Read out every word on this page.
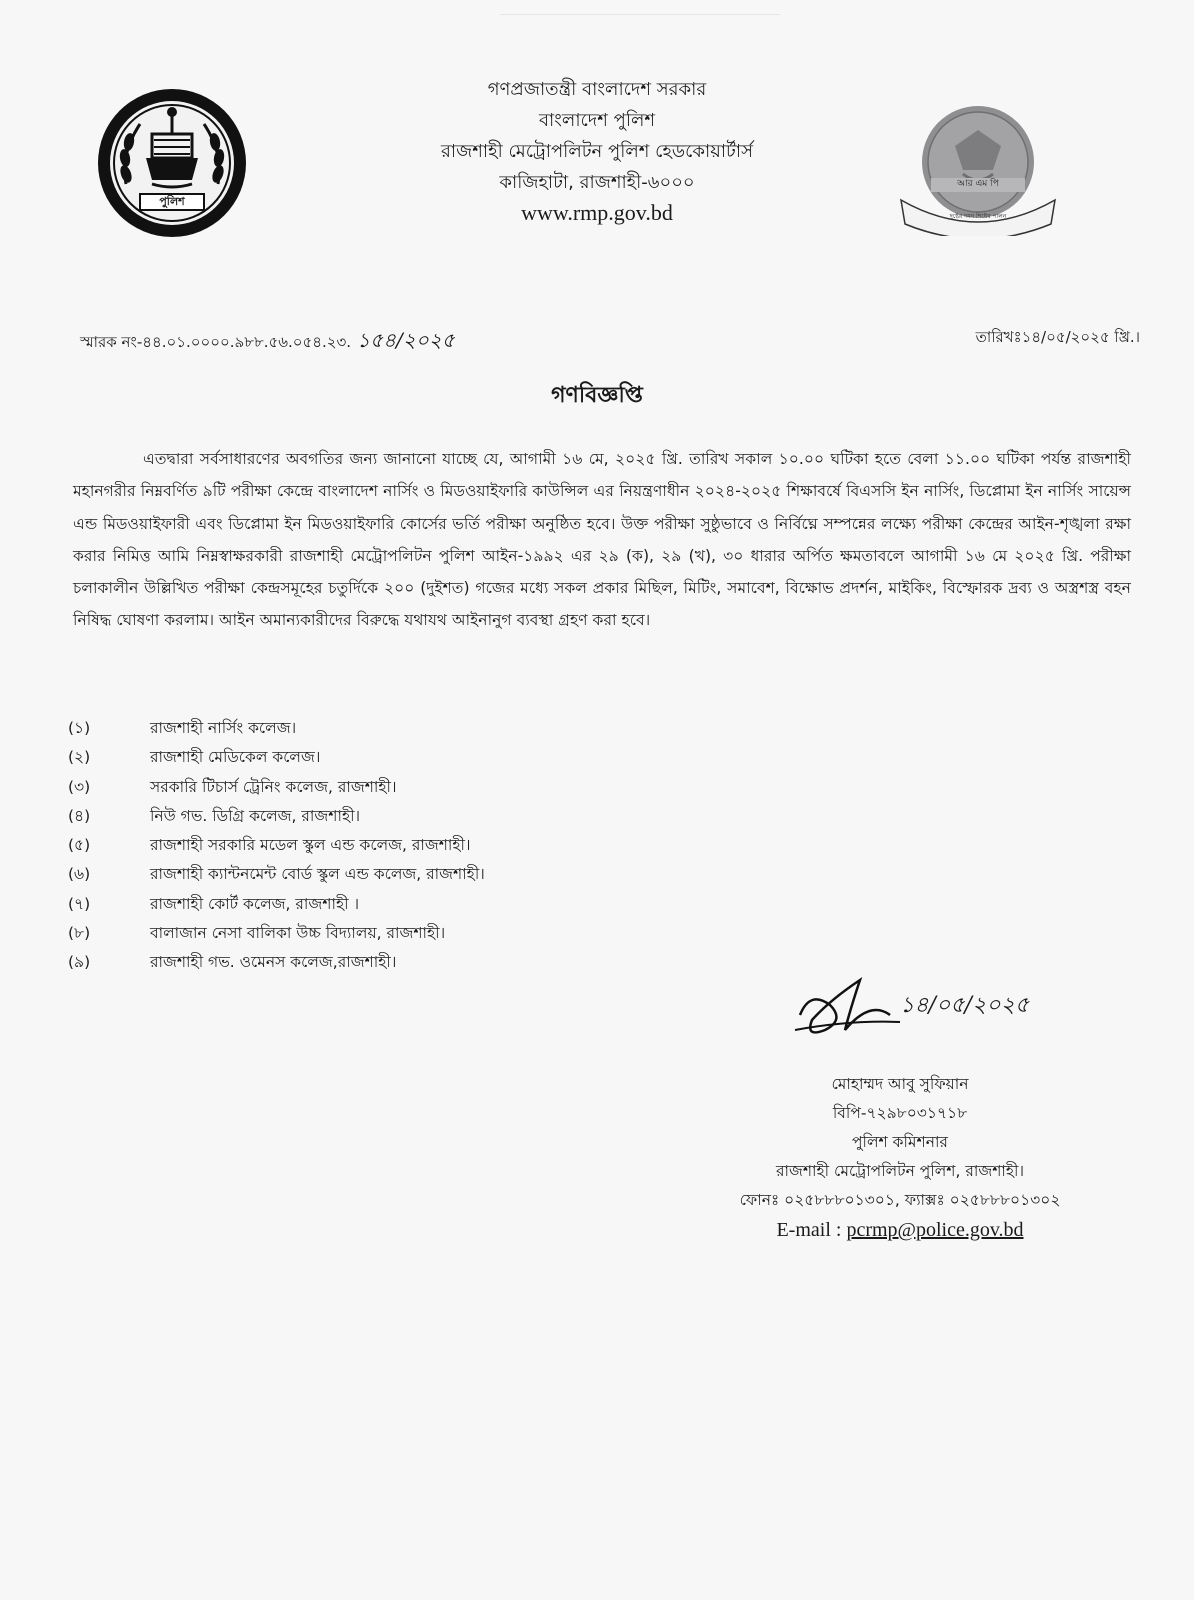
পুলিশ
আর এম পি
দুষ্টের দমন শিষ্টের পালন
গণপ্রজাতন্ত্রী বাংলাদেশ সরকার
বাংলাদেশ পুলিশ
রাজশাহী মেট্রোপলিটন পুলিশ হেডকোয়ার্টার্স
কাজিহাটা, রাজশাহী-৬০০০
www.rmp.gov.bd
স্মারক নং-৪৪.০১.০০০০.৯৮৮.৫৬.০৫৪.২৩. ১৫৪/২০২৫	তারিখঃ১৪/০৫/২০২৫ খ্রি.।
গণবিজ্ঞপ্তি
এতদ্বারা সর্বসাধারণের অবগতির জন্য জানানো যাচ্ছে যে, আগামী ১৬ মে, ২০২৫ খ্রি. তারিখ সকাল ১০.০০ ঘটিকা হতে বেলা ১১.০০ ঘটিকা পর্যন্ত রাজশাহী মহানগরীর নিম্নবর্ণিত ৯টি পরীক্ষা কেন্দ্রে বাংলাদেশ নার্সিং ও মিডওয়াইফারি কাউন্সিল এর নিয়ন্ত্রণাধীন ২০২৪-২০২৫ শিক্ষাবর্ষে বিএসসি ইন নার্সিং, ডিপ্লোমা ইন নার্সিং সায়েন্স এন্ড মিডওয়াইফারী এবং ডিপ্লোমা ইন মিডওয়াইফারি কোর্সের ভর্তি পরীক্ষা অনুষ্ঠিত হবে। উক্ত পরীক্ষা সুষ্ঠুভাবে ও নির্বিঘ্নে সম্পন্নের লক্ষ্যে পরীক্ষা কেন্দ্রের আইন-শৃঙ্খলা রক্ষা করার নিমিত্ত আমি নিম্নস্বাক্ষরকারী রাজশাহী মেট্রোপলিটন পুলিশ আইন-১৯৯২ এর ২৯ (ক), ২৯ (খ), ৩০ ধারার অর্পিত ক্ষমতাবলে আগামী ১৬ মে ২০২৫ খ্রি. পরীক্ষা চলাকালীন উল্লিখিত পরীক্ষা কেন্দ্রসমূহের চতুর্দিকে ২০০ (দুইশত) গজের মধ্যে সকল প্রকার মিছিল, মিটিং, সমাবেশ, বিক্ষোভ প্রদর্শন, মাইকিং, বিস্ফোরক দ্রব্য ও অস্ত্রশস্ত্র বহন নিষিদ্ধ ঘোষণা করলাম। আইন অমান্যকারীদের বিরুদ্ধে যথাযথ আইনানুগ ব্যবস্থা গ্রহণ করা হবে।
(১)	রাজশাহী নার্সিং কলেজ।
(২)	রাজশাহী মেডিকেল কলেজ।
(৩)	সরকারি টিচার্স ট্রেনিং কলেজ, রাজশাহী।
(৪)	নিউ গভ. ডিগ্রি কলেজ, রাজশাহী।
(৫)	রাজশাহী সরকারি মডেল স্কুল এন্ড কলেজ, রাজশাহী।
(৬)	রাজশাহী ক্যান্টনমেন্ট বোর্ড স্কুল এন্ড কলেজ, রাজশাহী।
(৭)	রাজশাহী কোর্ট কলেজ, রাজশাহী ।
(৮)	বালাজান নেসা বালিকা উচ্চ বিদ্যালয়, রাজশাহী।
(৯)	রাজশাহী গভ. ওমেনস কলেজ,রাজশাহী।
১৪/০৫/২০২৫
মোহাম্মদ আবু সুফিয়ান
বিপি-৭২৯৮০৩১৭১৮
পুলিশ কমিশনার
রাজশাহী মেট্রোপলিটন পুলিশ, রাজশাহী।
ফোনঃ ০২৫৮৮৮০১৩০১, ফ্যাক্সঃ ০২৫৮৮৮০১৩০২
E-mail : pcrmp@police.gov.bd
